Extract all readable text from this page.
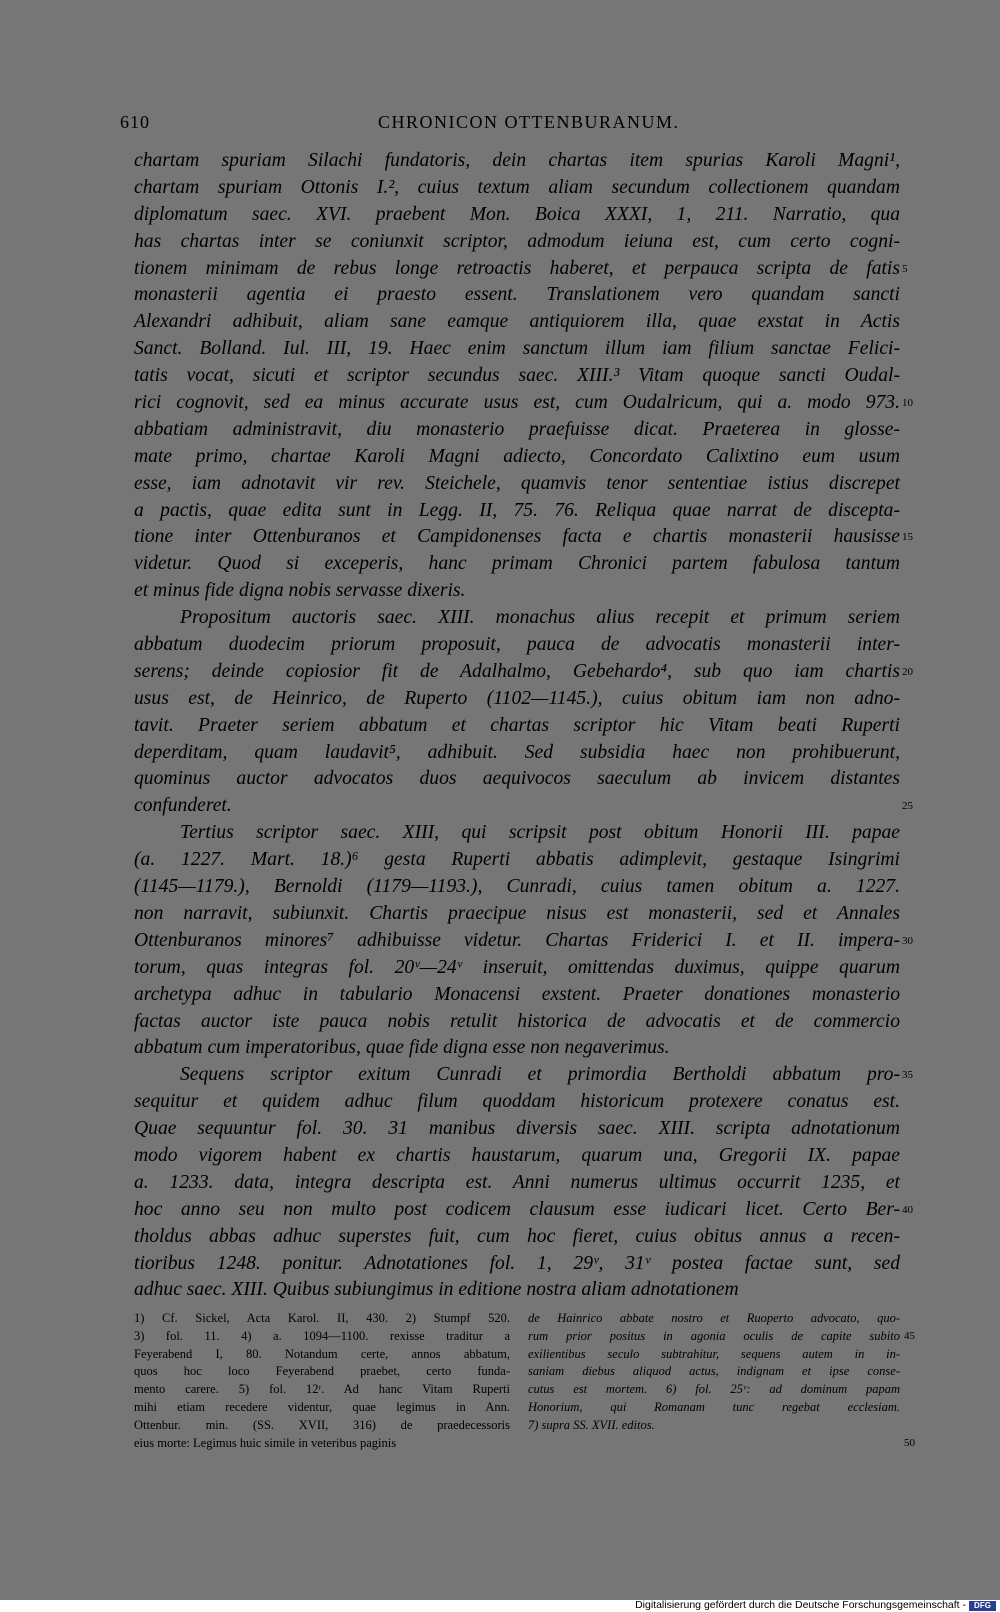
610	CHRONICON OTTENBURANUM.
chartam spuriam Silachi fundatoris, dein chartas item spurias Karoli Magni¹,
chartam spuriam Ottonis I.², cuius textum aliam secundum collectionem quandam
diplomatum saec. XVI. praebent Mon. Boica XXXI, 1, 211. Narratio, qua
has chartas inter se coniunxit scriptor, admodum ieiuna est, cum certo cogni-
tionem minimam de rebus longe retroactis haberet, et perpauca scripta de fatis
monasterii agentia ei praesto essent. Translationem vero quandam sancti
Alexandri adhibuit, aliam sane eamque antiquiorem illa, quae exstat in Actis
Sanct. Bolland. Iul. III, 19. Haec enim sanctum illum iam filium sanctae Felici-
tatis vocat, sicuti et scriptor secundus saec. XIII.³ Vitam quoque sancti Oudal-
rici cognovit, sed ea minus accurate usus est, cum Oudalricum, qui a. modo 973.
abbatiam administravit, diu monasterio praefuisse dicat. Praeterea in glosse-
mate primo, chartae Karoli Magni adiecto, Concordato Calixtino eum usum
esse, iam adnotavit vir rev. Steichele, quamvis tenor sententiae istius discrepet
a pactis, quae edita sunt in Legg. II, 75. 76. Reliqua quae narrat de discepta-
tione inter Ottenburanos et Campidonenses facta e chartis monasterii hausisse
videtur. Quod si exceperis, hanc primam Chronici partem fabulosa tantum
et minus fide digna nobis servasse dixeris.
Propositum auctoris saec. XIII. monachus alius recepit et primum seriem
abbatum duodecim priorum proposuit, pauca de advocatis monasterii inter-
serens; deinde copiosior fit de Adalhalmo, Gebehardo⁴, sub quo iam chartis
usus est, de Heinrico, de Ruperto (1102—1145.), cuius obitum iam non adno-
tavit. Praeter seriem abbatum et chartas scriptor hic Vitam beati Ruperti
deperditam, quam laudavit⁵, adhibuit. Sed subsidia haec non prohibuerunt,
quominus auctor advocatos duos aequivocos saeculum ab invicem distantes
confunderet.
Tertius scriptor saec. XIII, qui scripsit post obitum Honorii III. papae
(a. 1227. Mart. 18.)⁶ gesta Ruperti abbatis adimplevit, gestaque Isingrimi
(1145—1179.), Bernoldi (1179—1193.), Cunradi, cuius tamen obitum a. 1227.
non narravit, subiunxit. Chartis praecipue nisus est monasterii, sed et Annales
Ottenburanos minores⁷ adhibuisse videtur. Chartas Friderici I. et II. impera-
torum, quas integras fol. 20ᵛ—24ᵛ inseruit, omittendas duximus, quippe quarum
archetypa adhuc in tabulario Monacensi exstent. Praeter donationes monasterio
factas auctor iste pauca nobis retulit historica de advocatis et de commercio
abbatum cum imperatoribus, quae fide digna esse non negaverimus.
Sequens scriptor exitum Cunradi et primordia Bertholdi abbatum pro-
sequitur et quidem adhuc filum quoddam historicum protexere conatus est.
Quae sequuntur fol. 30. 31 manibus diversis saec. XIII. scripta adnotationum
modo vigorem habent ex chartis haustarum, quarum una, Gregorii IX. papae
a. 1233. data, integra descripta est. Anni numerus ultimus occurrit 1235, et
hoc anno seu non multo post codicem clausum esse iudicari licet. Certo Ber-
tholdus abbas adhuc superstes fuit, cum hoc fieret, cuius obitus annus a recen-
tioribus 1248. ponitur. Adnotationes fol. 1, 29ᵛ, 31ᵛ postea factae sunt, sed
adhuc saec. XIII. Quibus subiungimus in editione nostra aliam adnotationem
5
10
15
20
25
30
35
40
1) Cf. Sickel, Acta Karol. II, 430. 2) Stumpf 520.
3) fol. 11. 4) a. 1094—1100. rexisse traditur a
Feyerabend I, 80. Notandum certe, annos abbatum,
quos hoc loco Feyerabend praebet, certo funda-
mento carere. 5) fol. 12ʳ. Ad hanc Vitam Ruperti
mihi etiam recedere videntur, quae legimus in Ann.
Ottenbur. min. (SS. XVII, 316) de praedecessoris
eius morte: Legimus huic simile in veteribus paginis
de Hainrico abbate nostro et Ruoperto advocato, quo-
rum prior positus in agonia oculis de capite subito
exilientibus seculo subtrahitur, sequens autem in in-
saniam diebus aliquod actus, indignam et ipse conse-
cutus est mortem. 6) fol. 25ᵛ: ad dominum papam
Honorium, qui Romanam tunc regebat ecclesiam.
7) supra SS. XVII. editos.
45
50
Digitalisierung gefördert durch die Deutsche Forschungsgemeinschaft -	DFG
